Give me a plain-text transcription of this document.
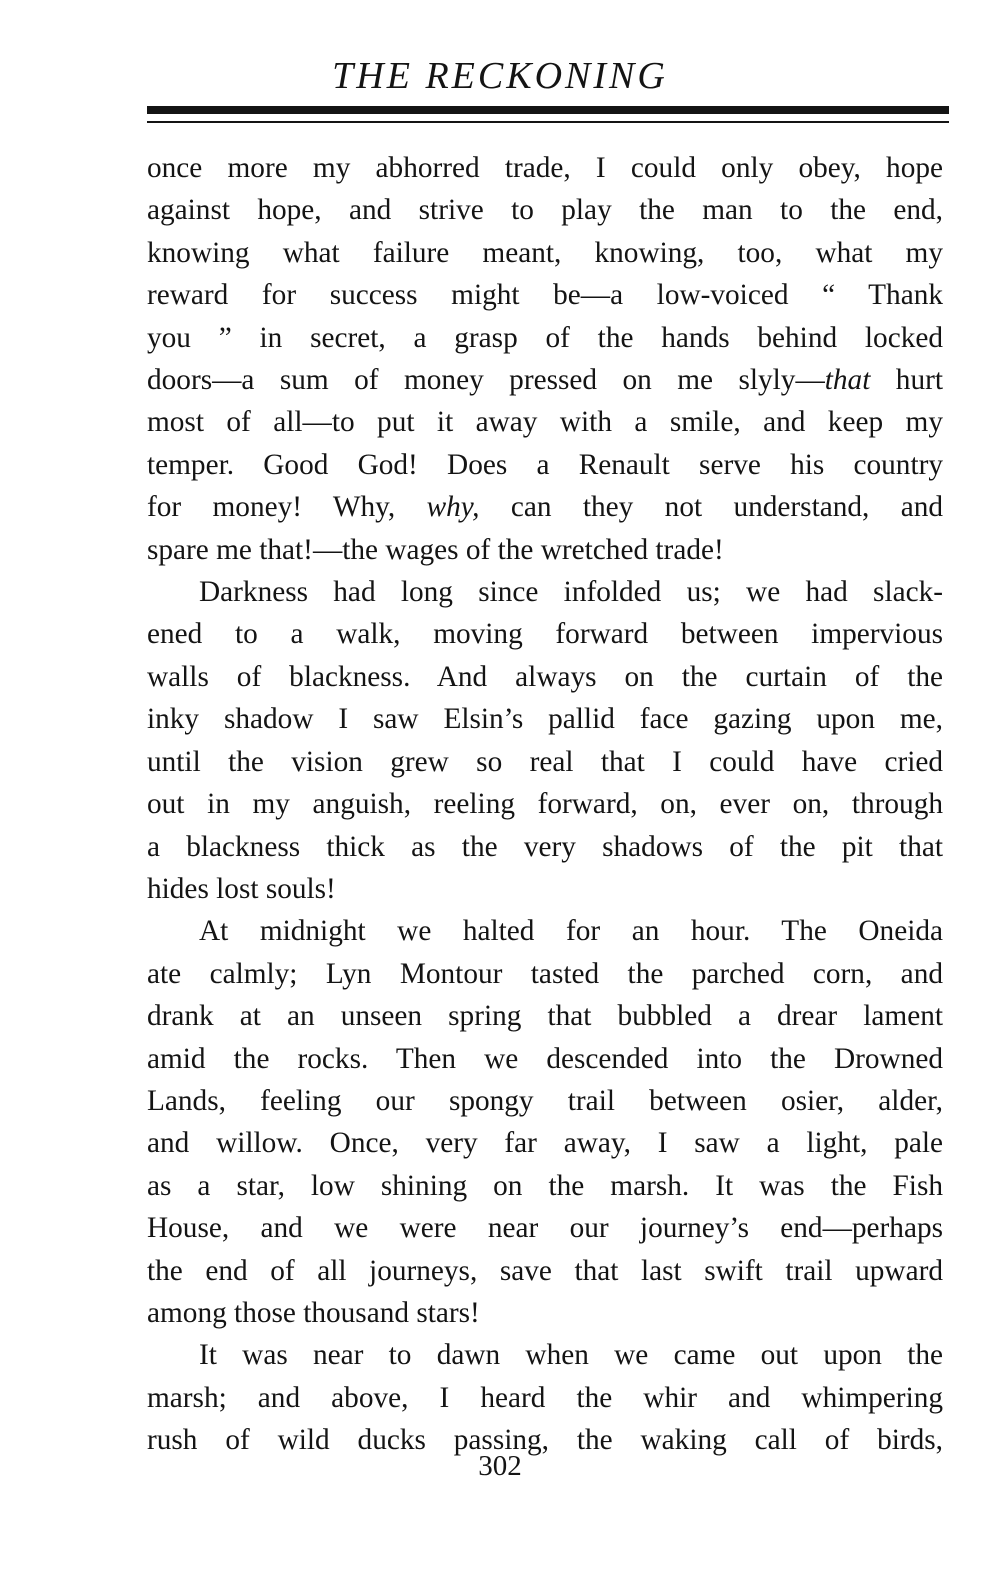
THE RECKONING

once more my abhorred trade, I could only obey, hope
against hope, and strive to play the man to the end,
knowing what failure meant, knowing, too, what my
reward for success might be—a low-voiced “ Thank
you ” in secret, a grasp of the hands behind locked
doors—a sum of money pressed on me slyly—that hurt
most of all—to put it away with a smile, and keep my
temper. Good God! Does a Renault serve his country
for money! Why, why, can they not understand, and
spare me that!—the wages of the wretched trade!

Darkness had long since infolded us; we had slack-
ened to a walk, moving forward between impervious
walls of blackness. And always on the curtain of the
inky shadow I saw Elsin’s pallid face gazing upon me,
until the vision grew so real that I could have cried
out in my anguish, reeling forward, on, ever on, through
a blackness thick as the very shadows of the pit that
hides lost souls!

At midnight we halted for an hour. The Oneida
ate calmly; Lyn Montour tasted the parched corn, and
drank at an unseen spring that bubbled a drear lament
amid the rocks. Then we descended into the Drowned
Lands, feeling our spongy trail between osier, alder,
and willow. Once, very far away, I saw a light, pale
as a star, low shining on the marsh. It was the Fish
House, and we were near our journey’s end—perhaps
the end of all journeys, save that last swift trail upward
among those thousand stars!

It was near to dawn when we came out upon the
marsh; and above, I heard the whir and whimpering
rush of wild ducks passing, the waking call of birds,

302
